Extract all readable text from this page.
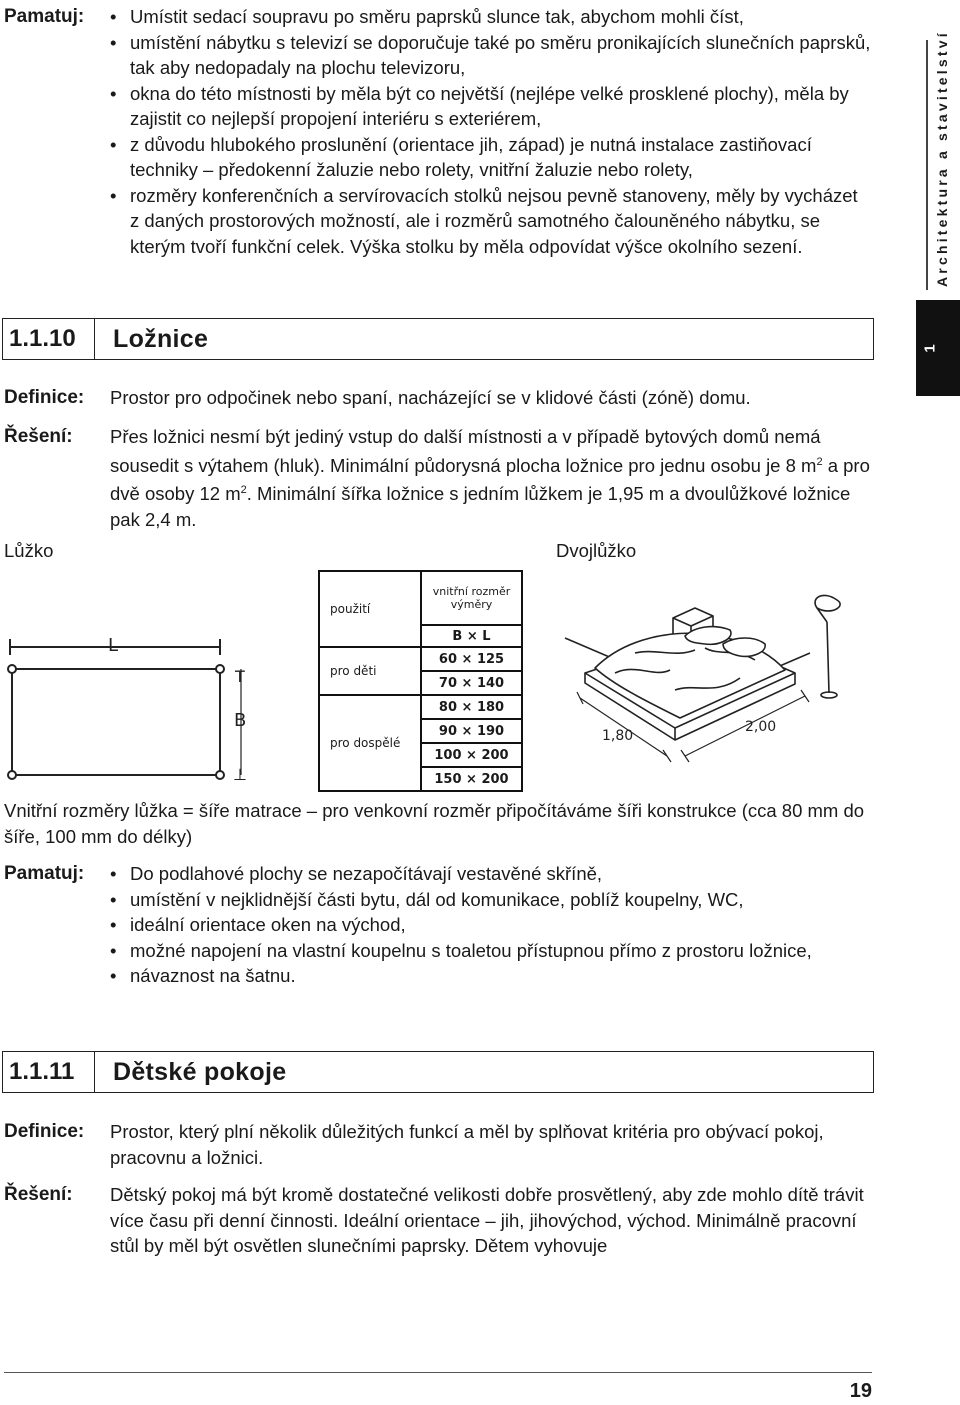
Architektura a stavitelství
1
Pamatuj:	• Umístit sedací soupravu po směru paprsků slunce tak, abychom mohli číst,
• umístění nábytku s televizí se doporučuje také po směru pronikajících slunečních paprsků, tak aby nedopadaly na plochu televizoru,
• okna do této místnosti by měla být co největší (nejlépe velké prosklené plochy), měla by zajistit co nejlepší propojení interiéru s exteriérem,
• z důvodu hlubokého proslunění (orientace jih, západ) je nutná instalace zastiňovací techniky – předokenní žaluzie nebo rolety, vnitřní žaluzie nebo rolety,
• rozměry konferenčních a servírovacích stolků nejsou pevně stanoveny, měly by vycházet z daných prostorových možností, ale i rozměrů samotného čalouněného nábytku, se kterým tvoří funkční celek. Výška stolku by měla odpovídat výšce okolního sezení.
1.1.10	Ložnice
Definice: Prostor pro odpočinek nebo spaní, nacházející se v klidové části (zóně) domu.
Řešení: Přes ložnici nesmí být jediný vstup do další místnosti a v případě bytových domů nemá sousedit s výtahem (hluk). Minimální půdorysná plocha ložnice pro jednu osobu je 8 $m^2$ a pro dvě osoby 12 $m^2$. Minimální šířka ložnice s jedním lůžkem je 1,95 m a dvoulůžkové ložnice pak 2,4 m.
Lůžko	Dvojlůžko
L
T
B
⊥
použití	vnitřní rozměr výměry
	B × L
pro děti	60 × 125
	70 × 140
pro dospělé	80 × 180
	90 × 190
	100 × 200
	150 × 200
1,80
2,00
Vnitřní rozměry lůžka = šíře matrace – pro venkovní rozměr připočítáváme šíři konstrukce (cca 80 mm do šíře, 100 mm do délky)
Pamatuj:	• Do podlahové plochy se nezapočítávají vestavěné skříně,
• umístění v nejklidnější části bytu, dál od komunikace, poblíž koupelny, WC,
• ideální orientace oken na východ,
• možné napojení na vlastní koupelnu s toaletou přístupnou přímo z prostoru ložnice,
• návaznost na šatnu.
1.1.11	Dětské pokoje
Definice: Prostor, který plní několik důležitých funkcí a měl by splňovat kritéria pro obývací pokoj, pracovnu a ložnici.
Řešení: Dětský pokoj má být kromě dostatečné velikosti dobře prosvětlený, aby zde mohlo dítě trávit více času při denní činnosti. Ideální orientace – jih, jihovýchod, východ. Minimálně pracovní stůl by měl být osvětlen slunečními paprsky. Dětem vyhovuje
19
